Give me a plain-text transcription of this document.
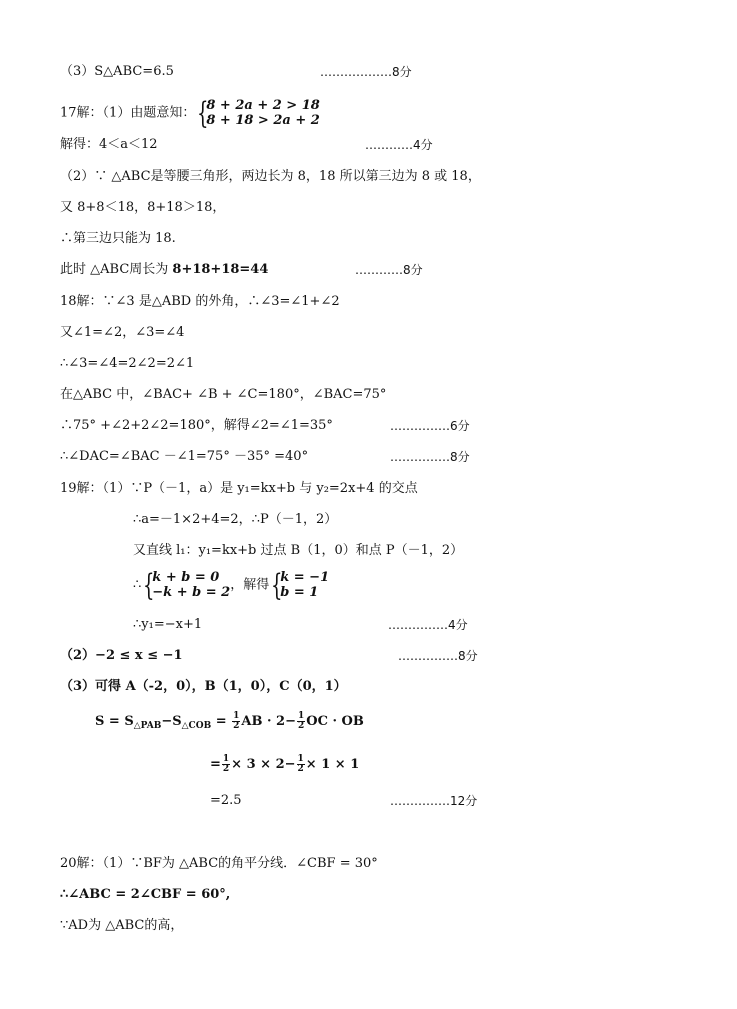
（3）S△ABC=6.5	………………8分
17解：（1）由题意知： {
8 + 2a + 2 > 18
8 + 18 > 2a + 2
解得：4＜a＜12	…………4分
（2）∵ △ABC是等腰三角形，两边长为 8，18 所以第三边为 8 或 18，
又 8+8＜18，8+18＞18，
∴第三边只能为 18.
此时 △ABC周长为 8+18+18=44	…………8分
18解：∵∠3 是△ABD 的外角，∴∠3=∠1+∠2
又∠1=∠2，∠3=∠4
∴∠3=∠4=2∠2=2∠1
在△ABC 中，∠BAC+ ∠B + ∠C=180°，∠BAC=75°
∴75° +∠2+2∠2=180°，解得∠2=∠1=35°	……………6分
∴∠DAC=∠BAC －∠1=75° －35° =40°	……………8分
19解：（1）∵P（－1，a）是 y₁=kx+b 与 y₂=2x+4 的交点
∴a=－1×2+4=2，∴P（－1，2）
又直线 l₁：y₁=kx+b 过点 B（1，0）和点 P（－1，2）
∴ {
k + b = 0
−k + b = 2 ，解得 {
k = −1
b = 1
∴y₁=−x+1	……………4分
（2）−2 ≤ x ≤ −1	……………8分
（3）可得 A（-2，0），B（1，0），C（0，1）
$S = S_{\triangle PAB}-S_{\triangle COB} = \frac{1}{2}$ AB · $2- \frac{1}{2}$ OC · OB
= $\frac{1}{2} \times 3 \times 2- \frac{1}{2} \times 1 \times 1$
=2.5	……………12分
20解：（1）∵BF为 △ABC的角平分线．∠CBF = 30°
∴∠ABC = 2∠CBF = 60°,
∵AD为 △ABC的高，
